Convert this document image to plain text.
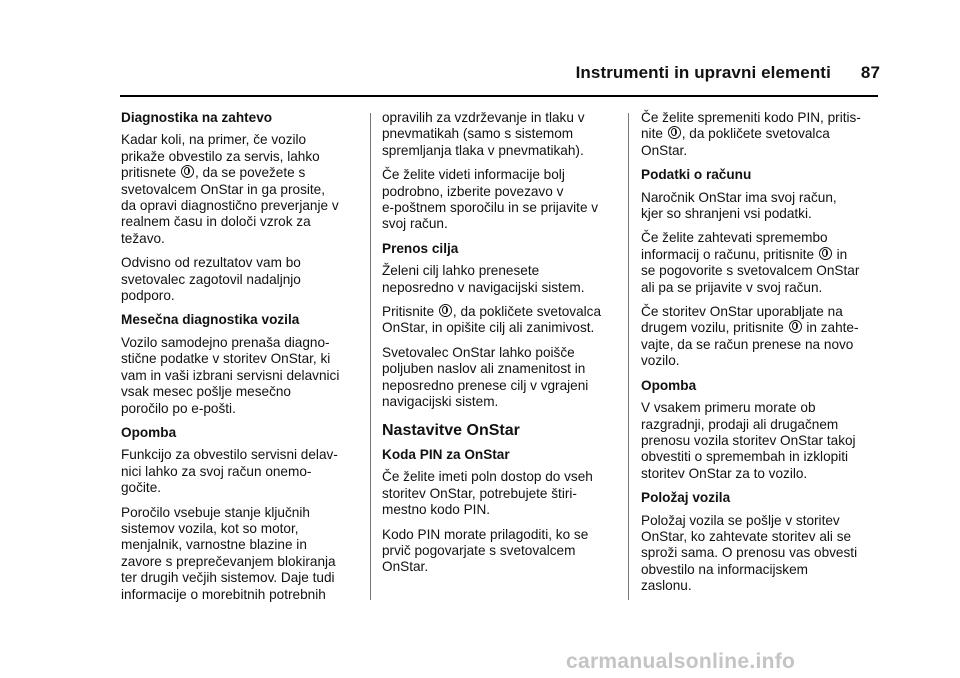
Instrumenti in upravni elementi 87
Diagnostika na zahtevo

Kadar koli, na primer, če vozilo
prikaže obvestilo za servis, lahko
pritisnete , da se povežete s
svetovalcem OnStar in ga prosite,
da opravi diagnostično preverjanje v
realnem času in določi vzrok za
težavo.

Odvisno od rezultatov vam bo
svetovalec zagotovil nadaljnjo
podporo.

Mesečna diagnostika vozila

Vozilo samodejno prenaša diagno-
stične podatke v storitev OnStar, ki
vam in vaši izbrani servisni delavnici
vsak mesec pošlje mesečno
poročilo po e-pošti.

Opomba

Funkcijo za obvestilo servisni delav-
nici lahko za svoj račun onemo-
gočite.

Poročilo vsebuje stanje ključnih
sistemov vozila, kot so motor,
menjalnik, varnostne blazine in
zavore s preprečevanjem blokiranja
ter drugih večjih sistemov. Daje tudi
informacije o morebitnih potrebnih

opravilih za vzdrževanje in tlaku v
pnevmatikah (samo s sistemom
spremljanja tlaka v pnevmatikah).

Če želite videti informacije bolj
podrobno, izberite povezavo v
e-poštnem sporočilu in se prijavite v
svoj račun.

Prenos cilja

Želeni cilj lahko prenesete
neposredno v navigacijski sistem.

Pritisnite , da pokličete svetovalca
OnStar, in opišite cilj ali zanimivost.

Svetovalec OnStar lahko poišče
poljuben naslov ali znamenitost in
neposredno prenese cilj v vgrajeni
navigacijski sistem.

Nastavitve OnStar
Koda PIN za OnStar

Če želite imeti poln dostop do vseh
storitev OnStar, potrebujete štiri-
mestno kodo PIN.

Kodo PIN morate prilagoditi, ko se
prvič pogovarjate s svetovalcem
OnStar.

Če želite spremeniti kodo PIN, pritis-
nite , da pokličete svetovalca
OnStar.

Podatki o računu

Naročnik OnStar ima svoj račun,
kjer so shranjeni vsi podatki.

Če želite zahtevati spremembo
informacij o računu, pritisnite in
se pogovorite s svetovalcem OnStar
ali pa se prijavite v svoj račun.

Če storitev OnStar uporabljate na
drugem vozilu, pritisnite in zahte-
vajte, da se račun prenese na novo
vozilo.

Opomba

V vsakem primeru morate ob
razgradnji, prodaji ali drugačnem
prenosu vozila storitev OnStar takoj
obvestiti o spremembah in izklopiti
storitev OnStar za to vozilo.

Položaj vozila

Položaj vozila se pošlje v storitev
OnStar, ko zahtevate storitev ali se
sproži sama. O prenosu vas obvesti
obvestilo na informacijskem
zaslonu.

carmanualsonline.info
